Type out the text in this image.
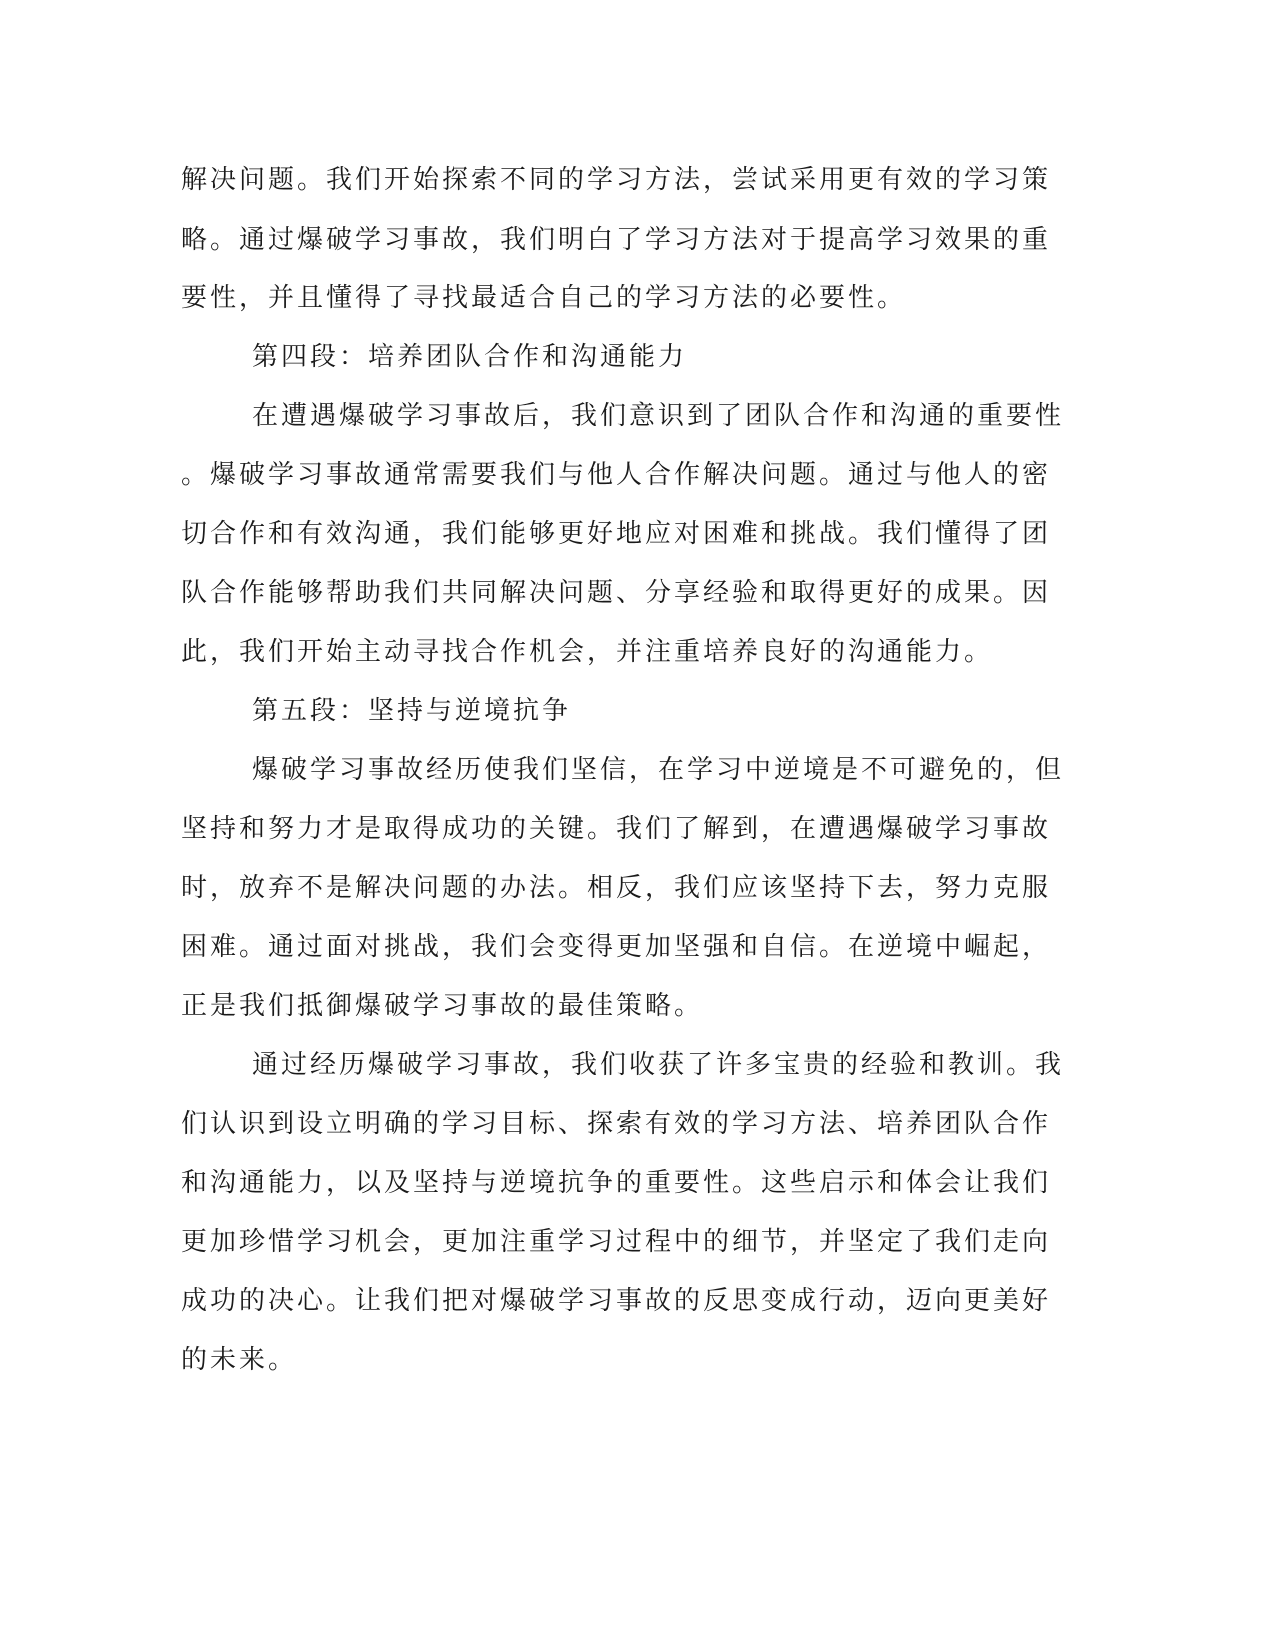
解决问题。我们开始探索不同的学习方法，尝试采用更有效的学习策
略。通过爆破学习事故，我们明白了学习方法对于提高学习效果的重
要性，并且懂得了寻找最适合自己的学习方法的必要性。
第四段：培养团队合作和沟通能力
在遭遇爆破学习事故后，我们意识到了团队合作和沟通的重要性
。爆破学习事故通常需要我们与他人合作解决问题。通过与他人的密
切合作和有效沟通，我们能够更好地应对困难和挑战。我们懂得了团
队合作能够帮助我们共同解决问题、分享经验和取得更好的成果。因
此，我们开始主动寻找合作机会，并注重培养良好的沟通能力。
第五段：坚持与逆境抗争
爆破学习事故经历使我们坚信，在学习中逆境是不可避免的，但
坚持和努力才是取得成功的关键。我们了解到，在遭遇爆破学习事故
时，放弃不是解决问题的办法。相反，我们应该坚持下去，努力克服
困难。通过面对挑战，我们会变得更加坚强和自信。在逆境中崛起，
正是我们抵御爆破学习事故的最佳策略。
通过经历爆破学习事故，我们收获了许多宝贵的经验和教训。我
们认识到设立明确的学习目标、探索有效的学习方法、培养团队合作
和沟通能力，以及坚持与逆境抗争的重要性。这些启示和体会让我们
更加珍惜学习机会，更加注重学习过程中的细节，并坚定了我们走向
成功的决心。让我们把对爆破学习事故的反思变成行动，迈向更美好
的未来。
